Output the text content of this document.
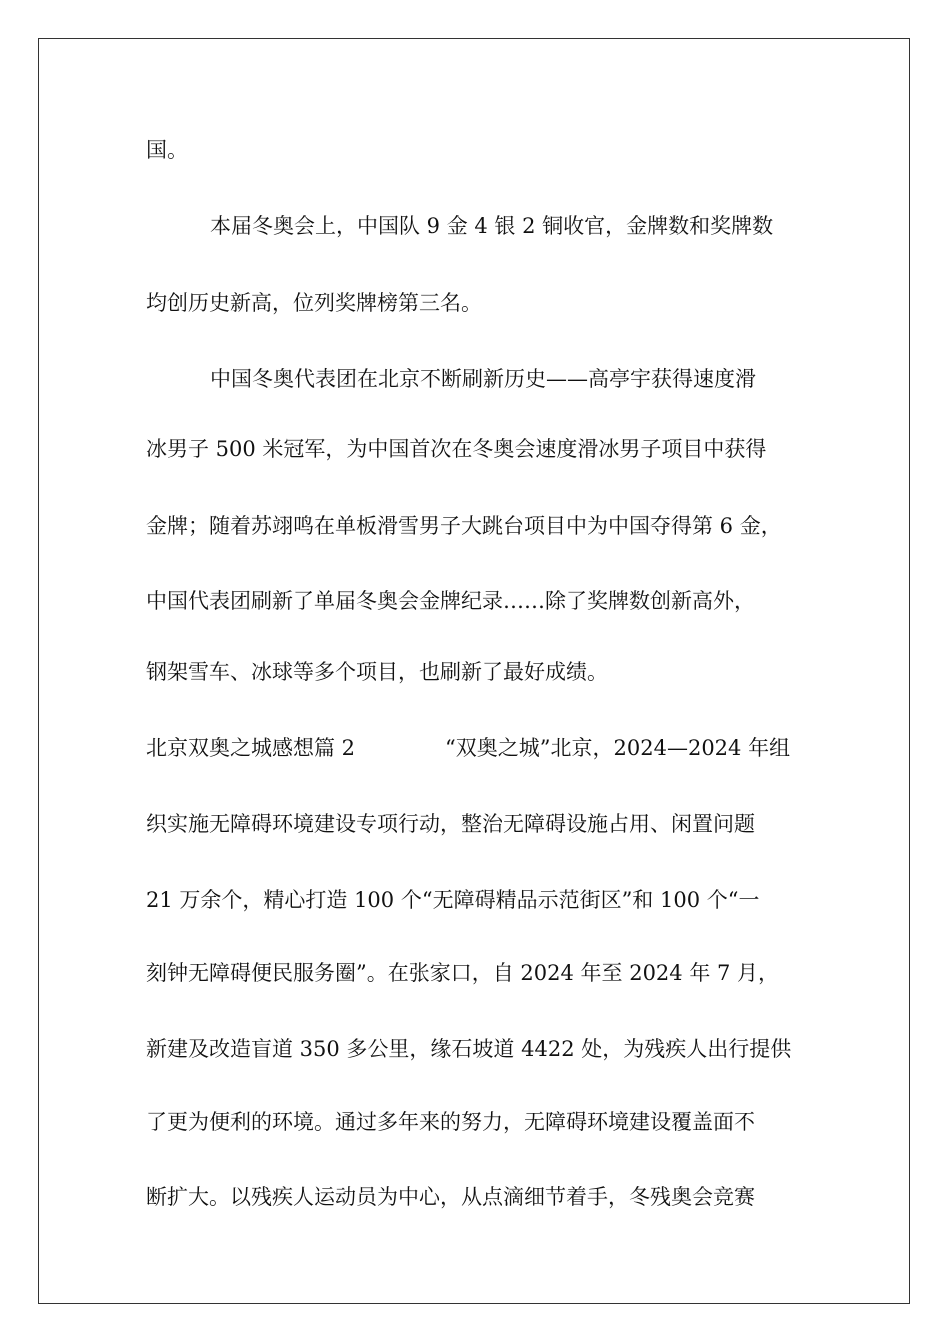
国。
本届冬奥会上，中国队 9 金 4 银 2 铜收官，金牌数和奖牌数
均创历史新高，位列奖牌榜第三名。
中国冬奥代表团在北京不断刷新历史——高亭宇获得速度滑
冰男子 500 米冠军，为中国首次在冬奥会速度滑冰男子项目中获得
金牌；随着苏翊鸣在单板滑雪男子大跳台项目中为中国夺得第 6 金，
中国代表团刷新了单届冬奥会金牌纪录……除了奖牌数创新高外，
钢架雪车、冰球等多个项目，也刷新了最好成绩。
北京双奥之城感想篇 2	“双奥之城”北京，2024—2024 年组
织实施无障碍环境建设专项行动，整治无障碍设施占用、闲置问题
21 万余个，精心打造 100 个“无障碍精品示范街区”和 100 个“一
刻钟无障碍便民服务圈”。在张家口，自 2024 年至 2024 年 7 月，
新建及改造盲道 350 多公里，缘石坡道 4422 处，为残疾人出行提供
了更为便利的环境。通过多年来的努力，无障碍环境建设覆盖面不
断扩大。以残疾人运动员为中心，从点滴细节着手，冬残奥会竞赛
